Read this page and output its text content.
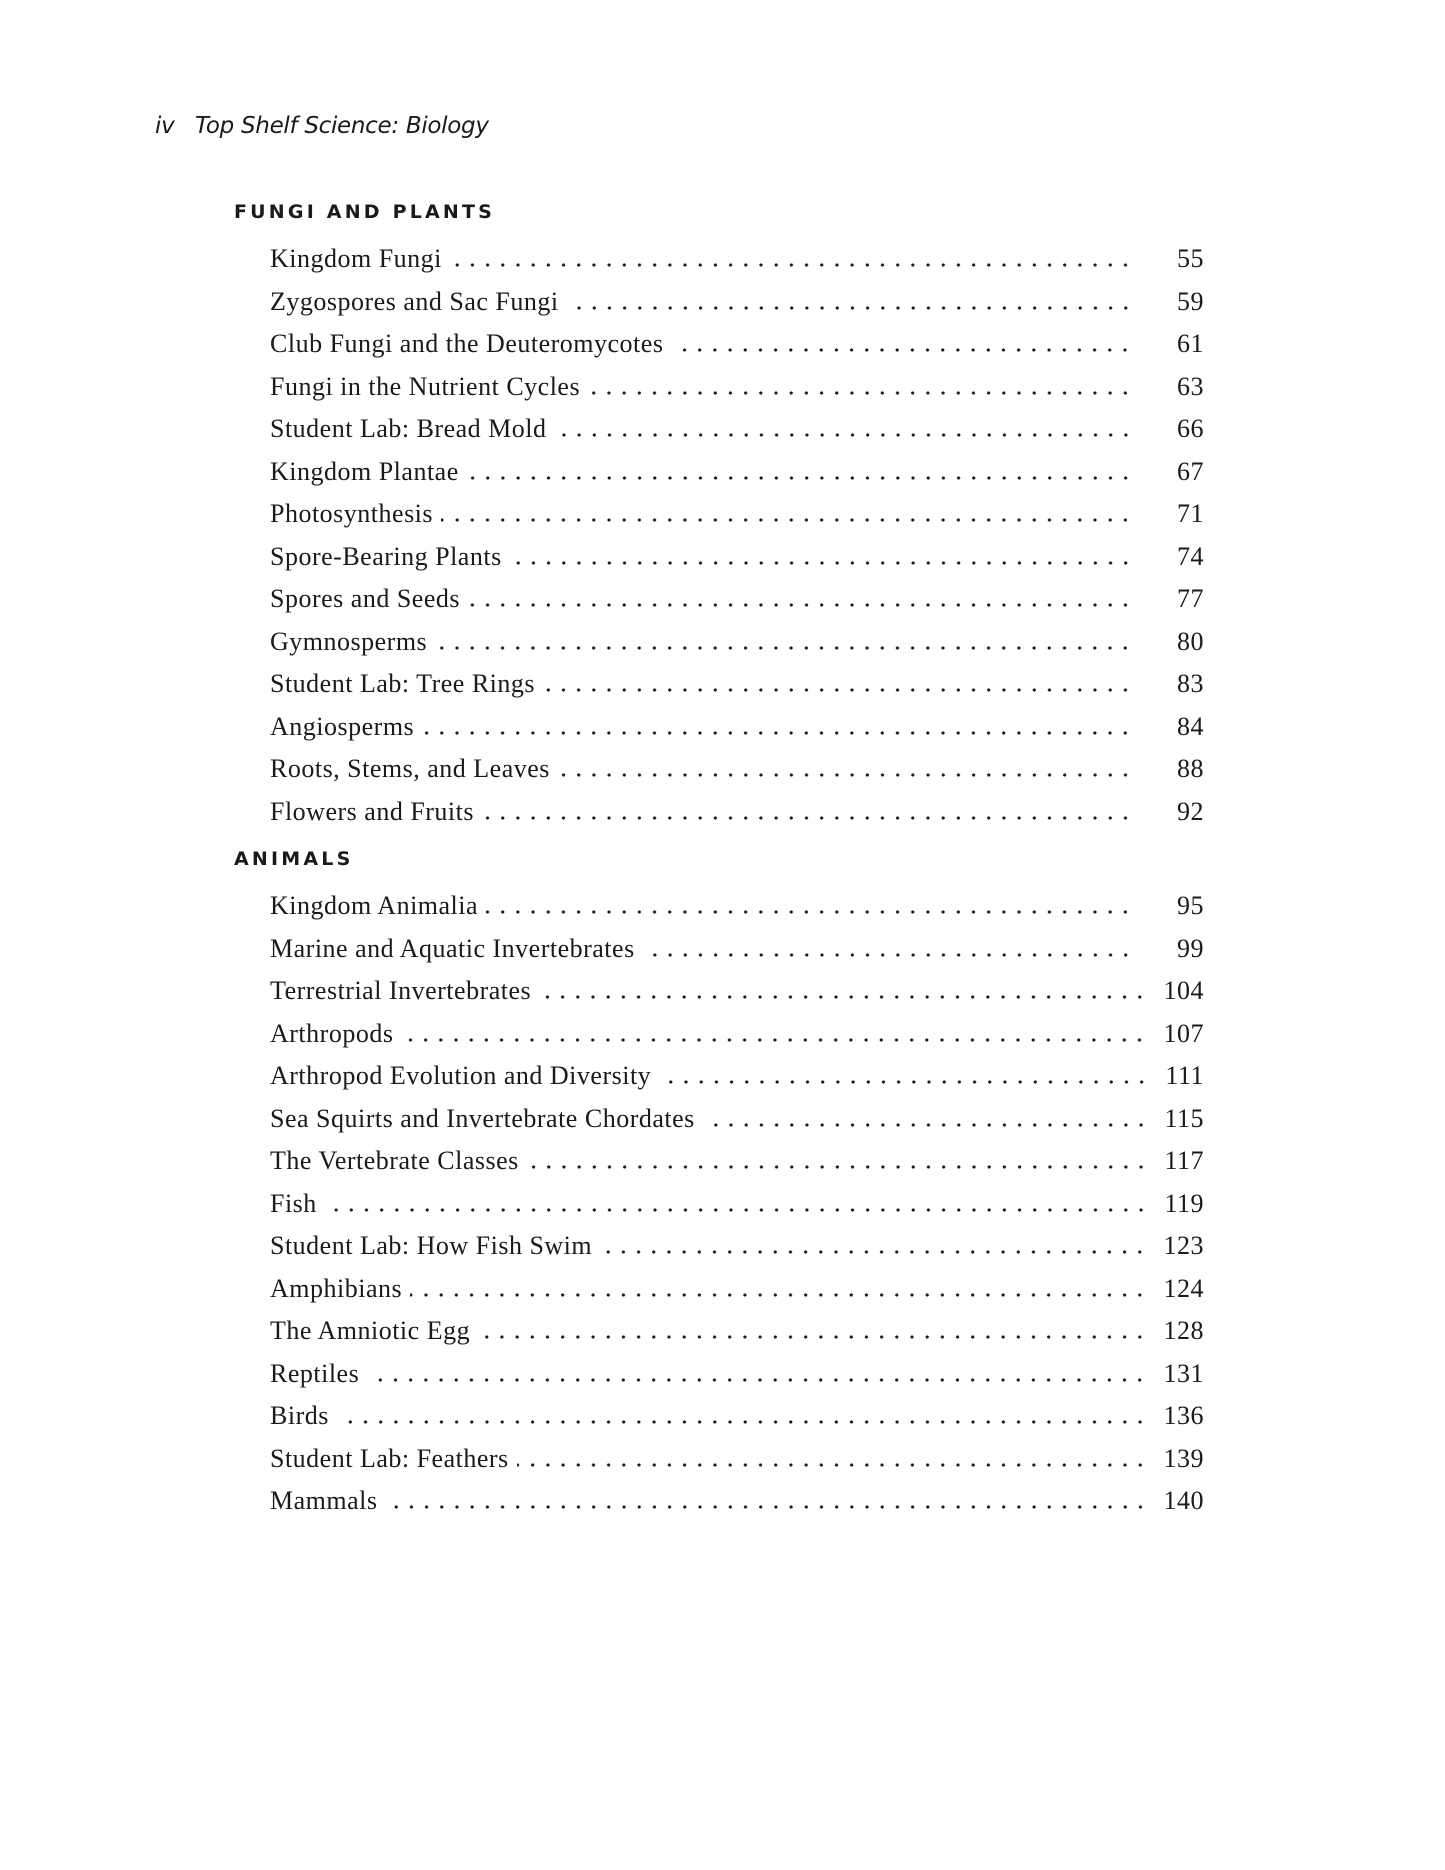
iv Top Shelf Science: Biology
FUNGI AND PLANTS
Kingdom Fungi	55
Zygospores and Sac Fungi	59
Club Fungi and the Deuteromycotes	61
Fungi in the Nutrient Cycles	63
Student Lab: Bread Mold	66
Kingdom Plantae	67
Photosynthesis	71
Spore-Bearing Plants	74
Spores and Seeds	77
Gymnosperms	80
Student Lab: Tree Rings	83
Angiosperms	84
Roots, Stems, and Leaves	88
Flowers and Fruits	92
ANIMALS
Kingdom Animalia	95
Marine and Aquatic Invertebrates	99
Terrestrial Invertebrates	104
Arthropods	107
Arthropod Evolution and Diversity	111
Sea Squirts and Invertebrate Chordates	115
The Vertebrate Classes	117
Fish	119
Student Lab: How Fish Swim	123
Amphibians	124
The Amniotic Egg	128
Reptiles	131
Birds	136
Student Lab: Feathers	139
Mammals	140
